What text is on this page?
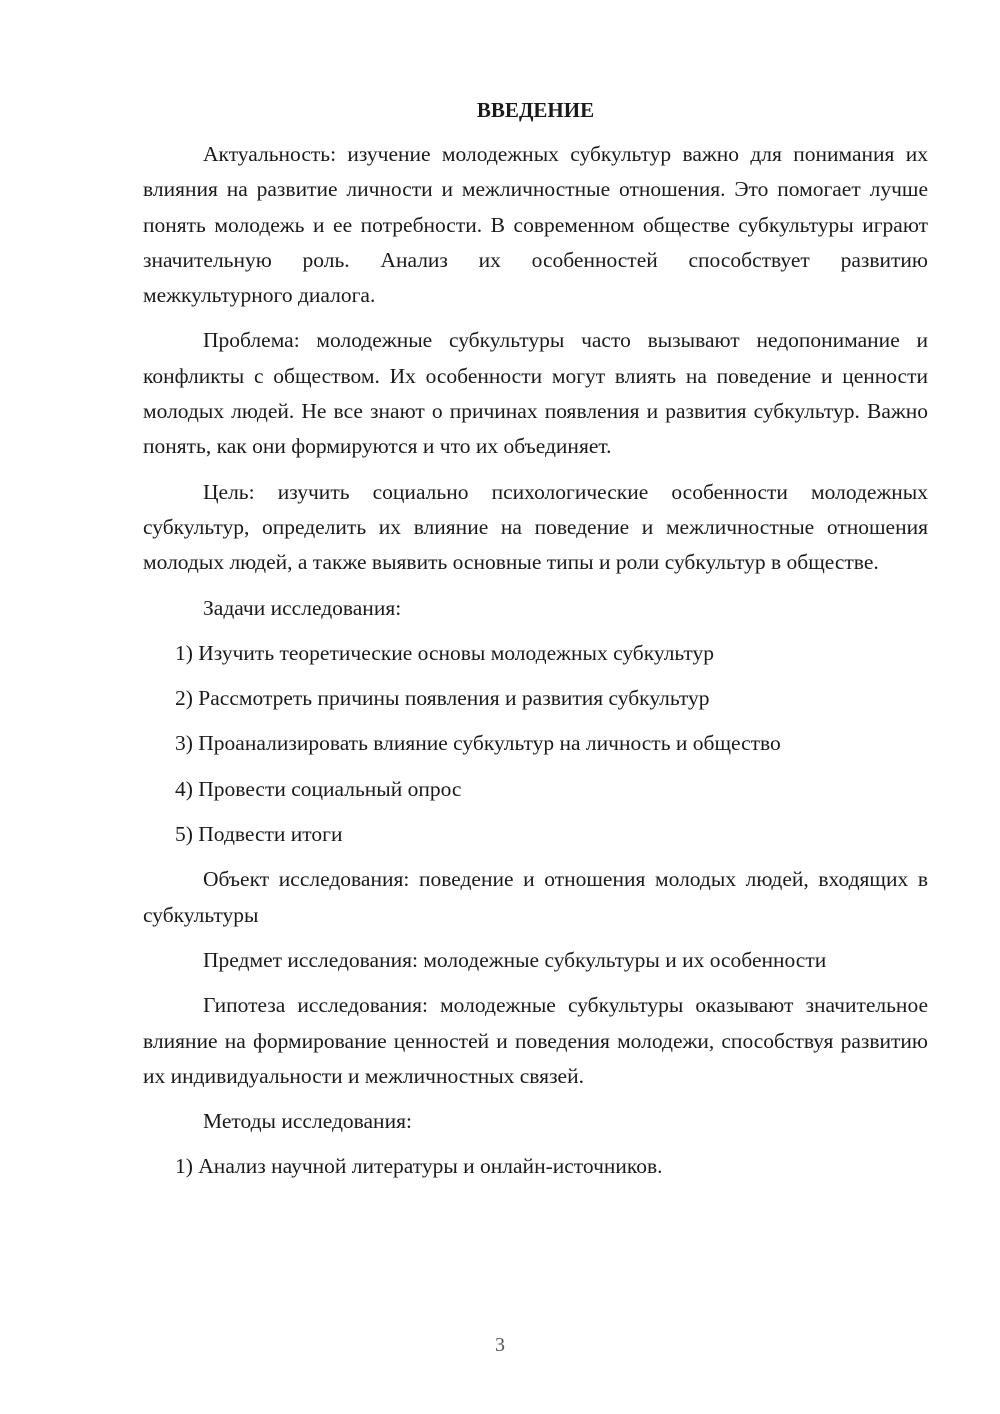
ВВЕДЕНИЕ

Актуальность: изучение молодежных субкультур важно для понимания их влияния на развитие личности и межличностные отношения. Это помогает лучше понять молодежь и ее потребности. В современном обществе субкультуры играют значительную роль. Анализ их особенностей способствует развитию межкультурного диалога.

Проблема: молодежные субкультуры часто вызывают недопонимание и конфликты с обществом. Их особенности могут влиять на поведение и ценности молодых людей. Не все знают о причинах появления и развития субкультур. Важно понять, как они формируются и что их объединяет.

Цель: изучить социально психологические особенности молодежных субкультур, определить их влияние на поведение и межличностные отношения молодых людей, а также выявить основные типы и роли субкультур в обществе.

Задачи исследования:

1) Изучить теоретические основы молодежных субкультур

2) Рассмотреть причины появления и развития субкультур

3) Проанализировать влияние субкультур на личность и общество

4) Провести социальный опрос

5) Подвести итоги

Объект исследования: поведение и отношения молодых людей, входящих в субкультуры

Предмет исследования: молодежные субкультуры и их особенности

Гипотеза исследования: молодежные субкультуры оказывают значительное влияние на формирование ценностей и поведения молодежи, способствуя развитию их индивидуальности и межличностных связей.

Методы исследования:

1) Анализ научной литературы и онлайн-источников.

3
